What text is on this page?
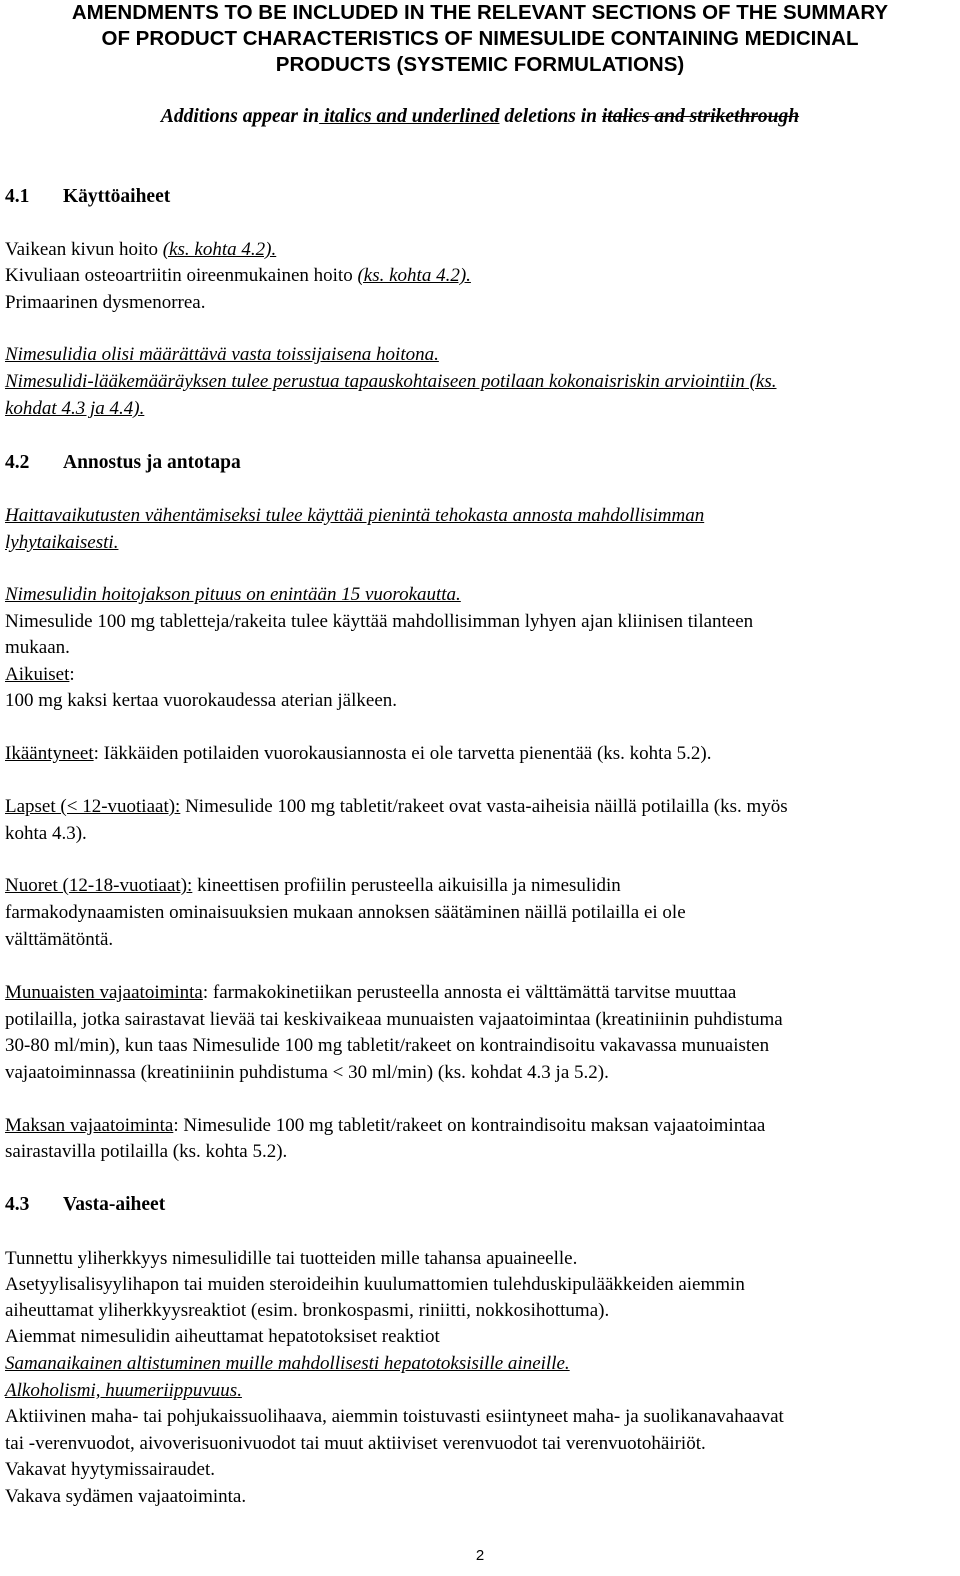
AMENDMENTS TO BE INCLUDED IN THE RELEVANT SECTIONS OF THE SUMMARY
OF PRODUCT CHARACTERISTICS OF NIMESULIDE CONTAINING MEDICINAL
PRODUCTS (SYSTEMIC FORMULATIONS)
Additions appear in italics and underlined deletions in italics and strikethrough
4.1 Käyttöaiheet
Vaikean kivun hoito (ks. kohta 4.2).
Kivuliaan osteoartriitin oireenmukainen hoito (ks. kohta 4.2).
Primaarinen dysmenorrea.
Nimesulidia olisi määrättävä vasta toissijaisena hoitona.
Nimesulidi-lääkemääräyksen tulee perustua tapauskohtaiseen potilaan kokonaisriskin arviointiin (ks.
kohdat 4.3 ja 4.4).
4.2 Annostus ja antotapa
Haittavaikutusten vähentämiseksi tulee käyttää pienintä tehokasta annosta mahdollisimman
lyhytaikaisesti.
Nimesulidin hoitojakson pituus on enintään 15 vuorokautta.
Nimesulide 100 mg tabletteja/rakeita tulee käyttää mahdollisimman lyhyen ajan kliinisen tilanteen
mukaan.
Aikuiset:
100 mg kaksi kertaa vuorokaudessa aterian jälkeen.
Ikääntyneet: Iäkkäiden potilaiden vuorokausiannosta ei ole tarvetta pienentää (ks. kohta 5.2).
Lapset (< 12-vuotiaat): Nimesulide 100 mg tabletit/rakeet ovat vasta-aiheisia näillä potilailla (ks. myös
kohta 4.3).
Nuoret (12-18-vuotiaat): kineettisen profiilin perusteella aikuisilla ja nimesulidin
farmakodynaamisten ominaisuuksien mukaan annoksen säätäminen näillä potilailla ei ole
välttämätöntä.
Munuaisten vajaatoiminta: farmakokinetiikan perusteella annosta ei välttämättä tarvitse muuttaa
potilailla, jotka sairastavat lievää tai keskivaikeaa munuaisten vajaatoimintaa (kreatiniinin puhdistuma
30-80 ml/min), kun taas Nimesulide 100 mg tabletit/rakeet on kontraindisoitu vakavassa munuaisten
vajaatoiminnassa (kreatiniinin puhdistuma < 30 ml/min) (ks. kohdat 4.3 ja 5.2).
Maksan vajaatoiminta: Nimesulide 100 mg tabletit/rakeet on kontraindisoitu maksan vajaatoimintaa
sairastavilla potilailla (ks. kohta 5.2).
4.3 Vasta-aiheet
Tunnettu yliherkkyys nimesulidille tai tuotteiden mille tahansa apuaineelle.
Asetyylisalisyylihapon tai muiden steroideihin kuulumattomien tulehduskipulääkkeiden aiemmin
aiheuttamat yliherkkyysreaktiot (esim. bronkospasmi, riniitti, nokkosihottuma).
Aiemmat nimesulidin aiheuttamat hepatotoksiset reaktiot
Samanaikainen altistuminen muille mahdollisesti hepatotoksisille aineille.
Alkoholismi, huumeriippuvuus.
Aktiivinen maha- tai pohjukaissuolihaava, aiemmin toistuvasti esiintyneet maha- ja suolikanavahaavat
tai -verenvuodot, aivoverisuonivuodot tai muut aktiiviset verenvuodot tai verenvuotohäiriöt.
Vakavat hyytymissairaudet.
Vakava sydämen vajaatoiminta.
2
